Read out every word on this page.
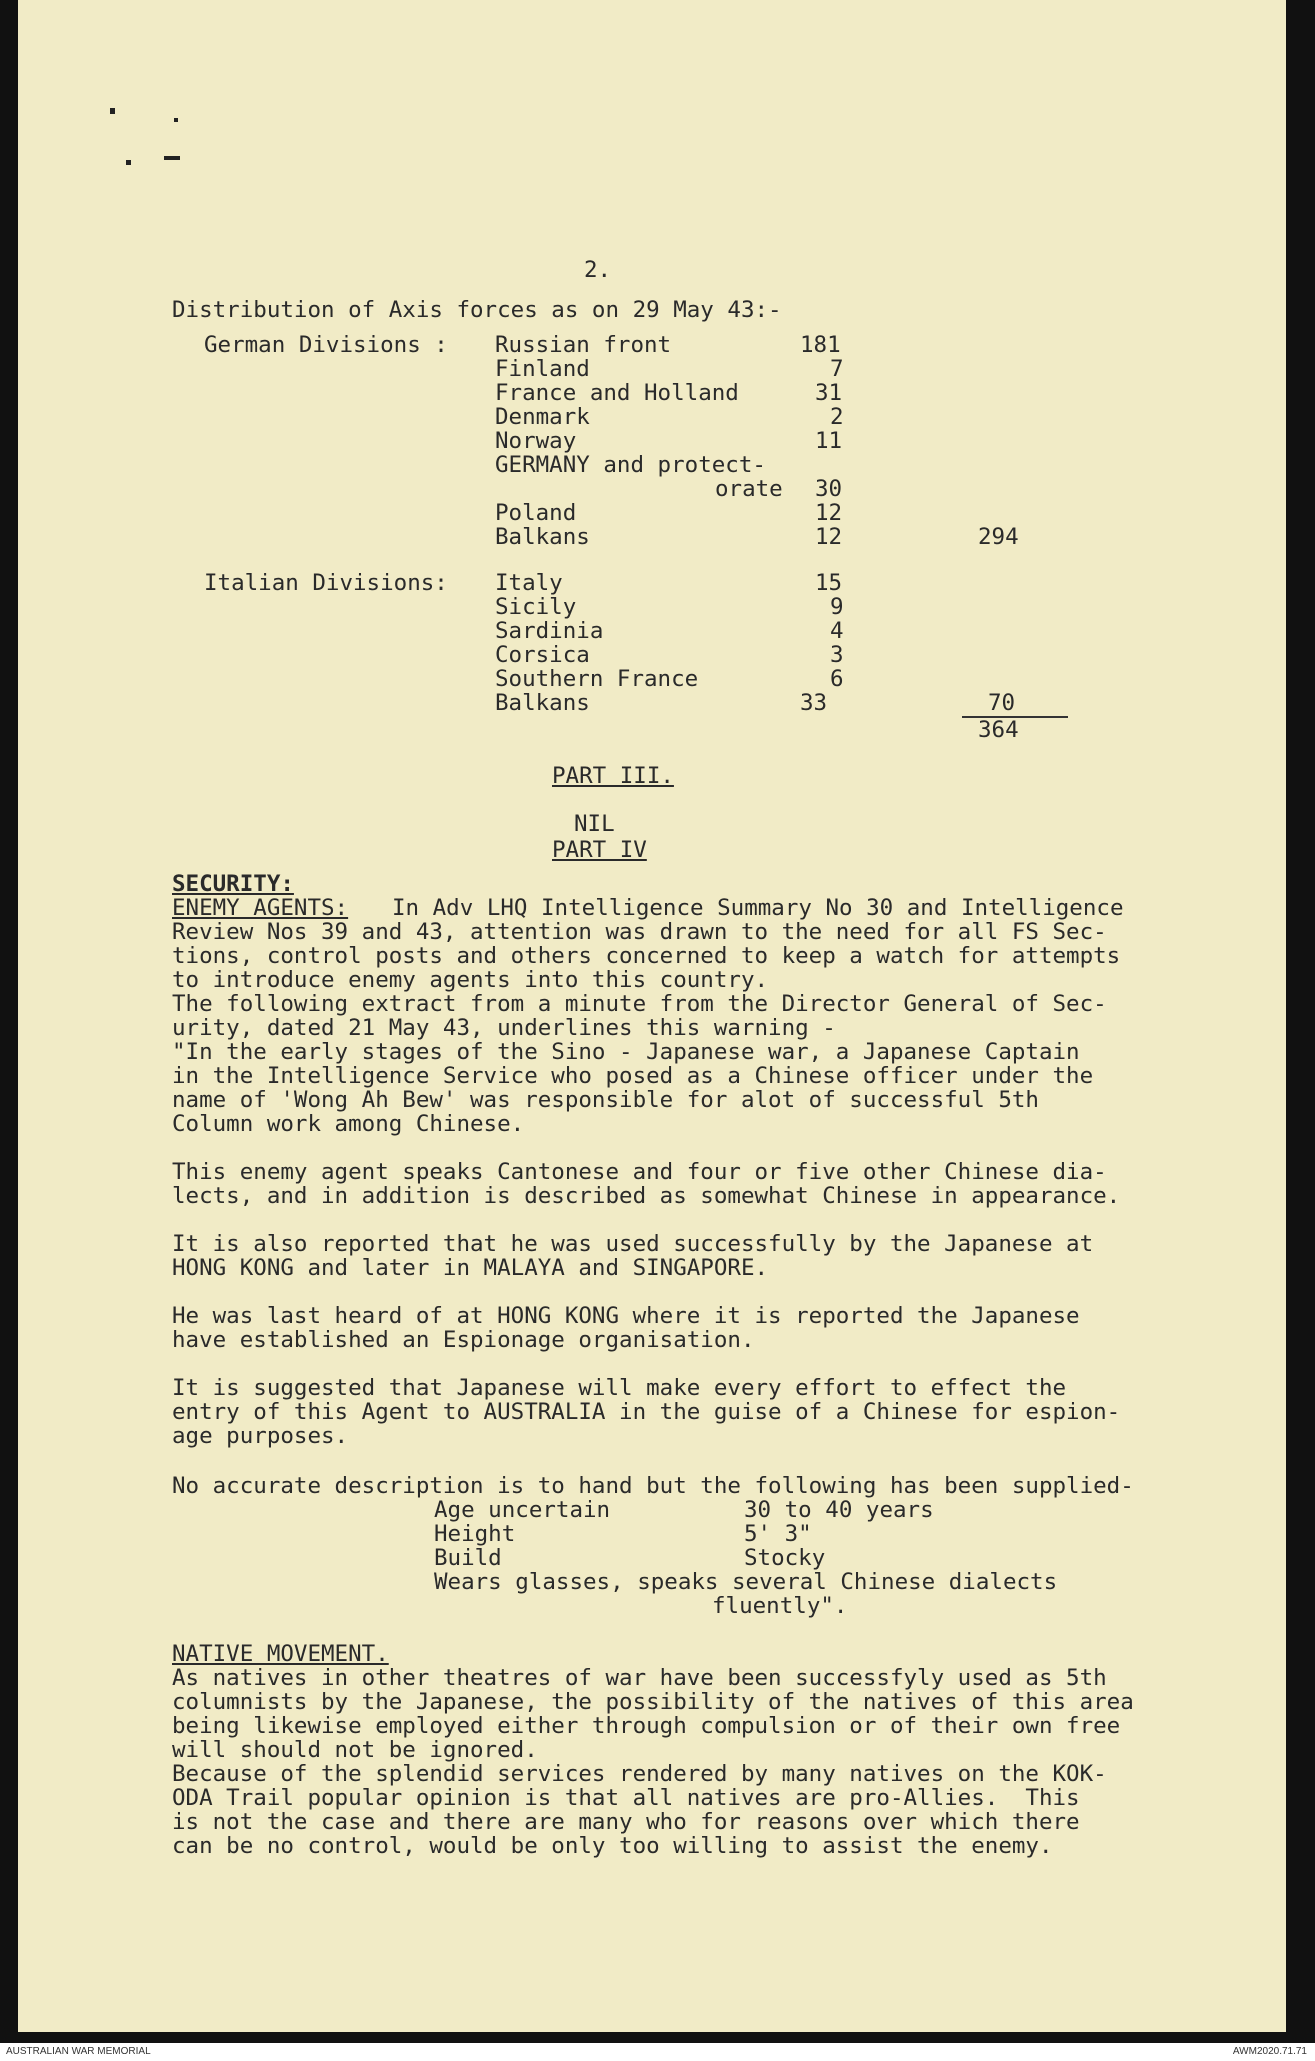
2.
Distribution of Axis forces as on 29 May 43:-
German Divisions : Russian front	181
Finland	7
France and Holland	31
Denmark	2
Norway	11
GERMANY and protect-
orate 30
Poland	12
Balkans	12	294
Italian Divisions: Italy	15
Sicily	9
Sardinia	4
Corsica	3
Southern France	6
Balkans	33	70
364
PART III.
NIL
PART IV
SECURITY:
ENEMY AGENTS: In Adv LHQ Intelligence Summary No 30 and Intelligence
Review Nos 39 and 43, attention was drawn to the need for all FS Sec-
tions, control posts and others concerned to keep a watch for attempts
to introduce enemy agents into this country.
The following extract from a minute from the Director General of Sec-
urity, dated 21 May 43, underlines this warning -
"In the early stages of the Sino - Japanese war, a Japanese Captain
in the Intelligence Service who posed as a Chinese officer under the
name of 'Wong Ah Bew' was responsible for alot of successful 5th
Column work among Chinese.
This enemy agent speaks Cantonese and four or five other Chinese dia-
lects, and in addition is described as somewhat Chinese in appearance.
It is also reported that he was used successfully by the Japanese at
HONG KONG and later in MALAYA and SINGAPORE.
He was last heard of at HONG KONG where it is reported the Japanese
have established an Espionage organisation.
It is suggested that Japanese will make every effort to effect the
entry of this Agent to AUSTRALIA in the guise of a Chinese for espion-
age purposes.
No accurate description is to hand but the following has been supplied-
Age uncertain	30 to 40 years
Height	5' 3"
Build	Stocky
Wears glasses, speaks several Chinese dialects
fluently".
NATIVE MOVEMENT.
As natives in other theatres of war have been successfyly used as 5th
columnists by the Japanese, the possibility of the natives of this area
being likewise employed either through compulsion or of their own free
will should not be ignored.
Because of the splendid services rendered by many natives on the KOK-
ODA Trail popular opinion is that all natives are pro-Allies.  This
is not the case and there are many who for reasons over which there
can be no control, would be only too willing to assist the enemy.
AUSTRALIAN WAR MEMORIAL	AWM2020.71.71
